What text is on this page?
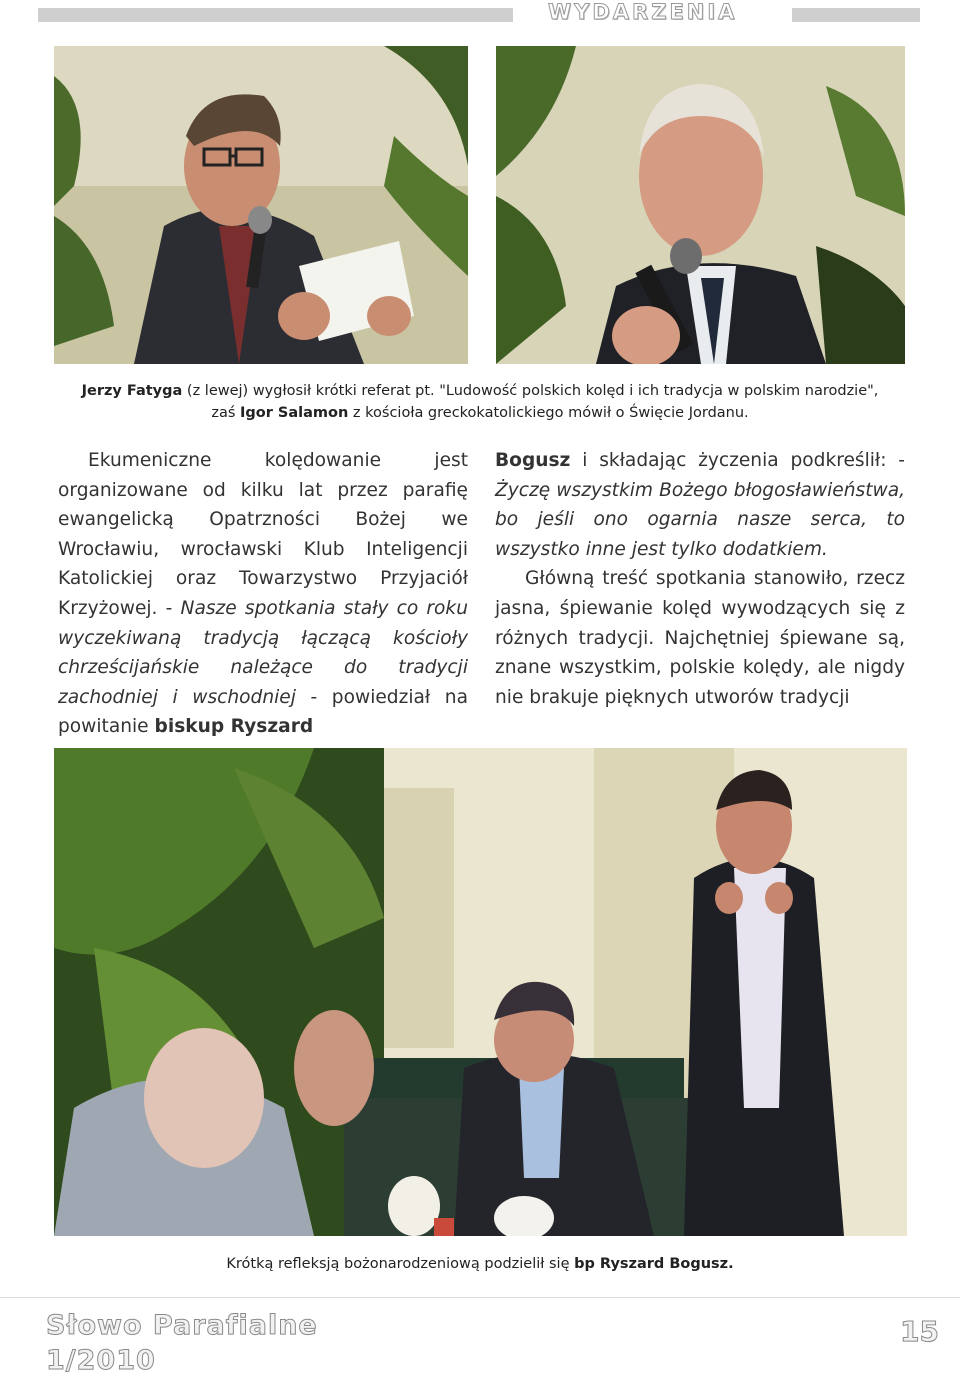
WYDARZENIA
Jerzy Fatyga (z lewej) wygłosił krótki referat pt. "Ludowość polskich kolęd i ich tradycja w polskim narodzie",
zaś Igor Salamon z kościoła greckokatolickiego mówił o Święcie Jordanu.

Ekumeniczne kolędowanie jest organizowane od kilku lat przez parafię ewangelicką Opatrzności Bożej we Wrocławiu, wrocławski Klub Inteligencji Katolickiej oraz Towarzystwo Przyjaciół Krzyżowej. - Nasze spotkania stały co roku wyczekiwaną tradycją łączącą kościoły chrześcijańskie należące do tradycji zachodniej i wschodniej - powiedział na powitanie biskup Ryszard

Bogusz i składając życzenia podkreślił: - Życzę wszystkim Bożego błogosławieństwa, bo jeśli ono ogarnia nasze serca, to wszystko inne jest tylko dodatkiem.

Główną treść spotkania stanowiło, rzecz jasna, śpiewanie kolęd wywodzących się z różnych tradycji. Najchętniej śpiewane są, znane wszystkim, polskie kolędy, ale nigdy nie brakuje pięknych utworów tradycji

Krótką refleksją bożonarodzeniową podzielił się bp Ryszard Bogusz.
Słowo Parafialne
1/2010
15
